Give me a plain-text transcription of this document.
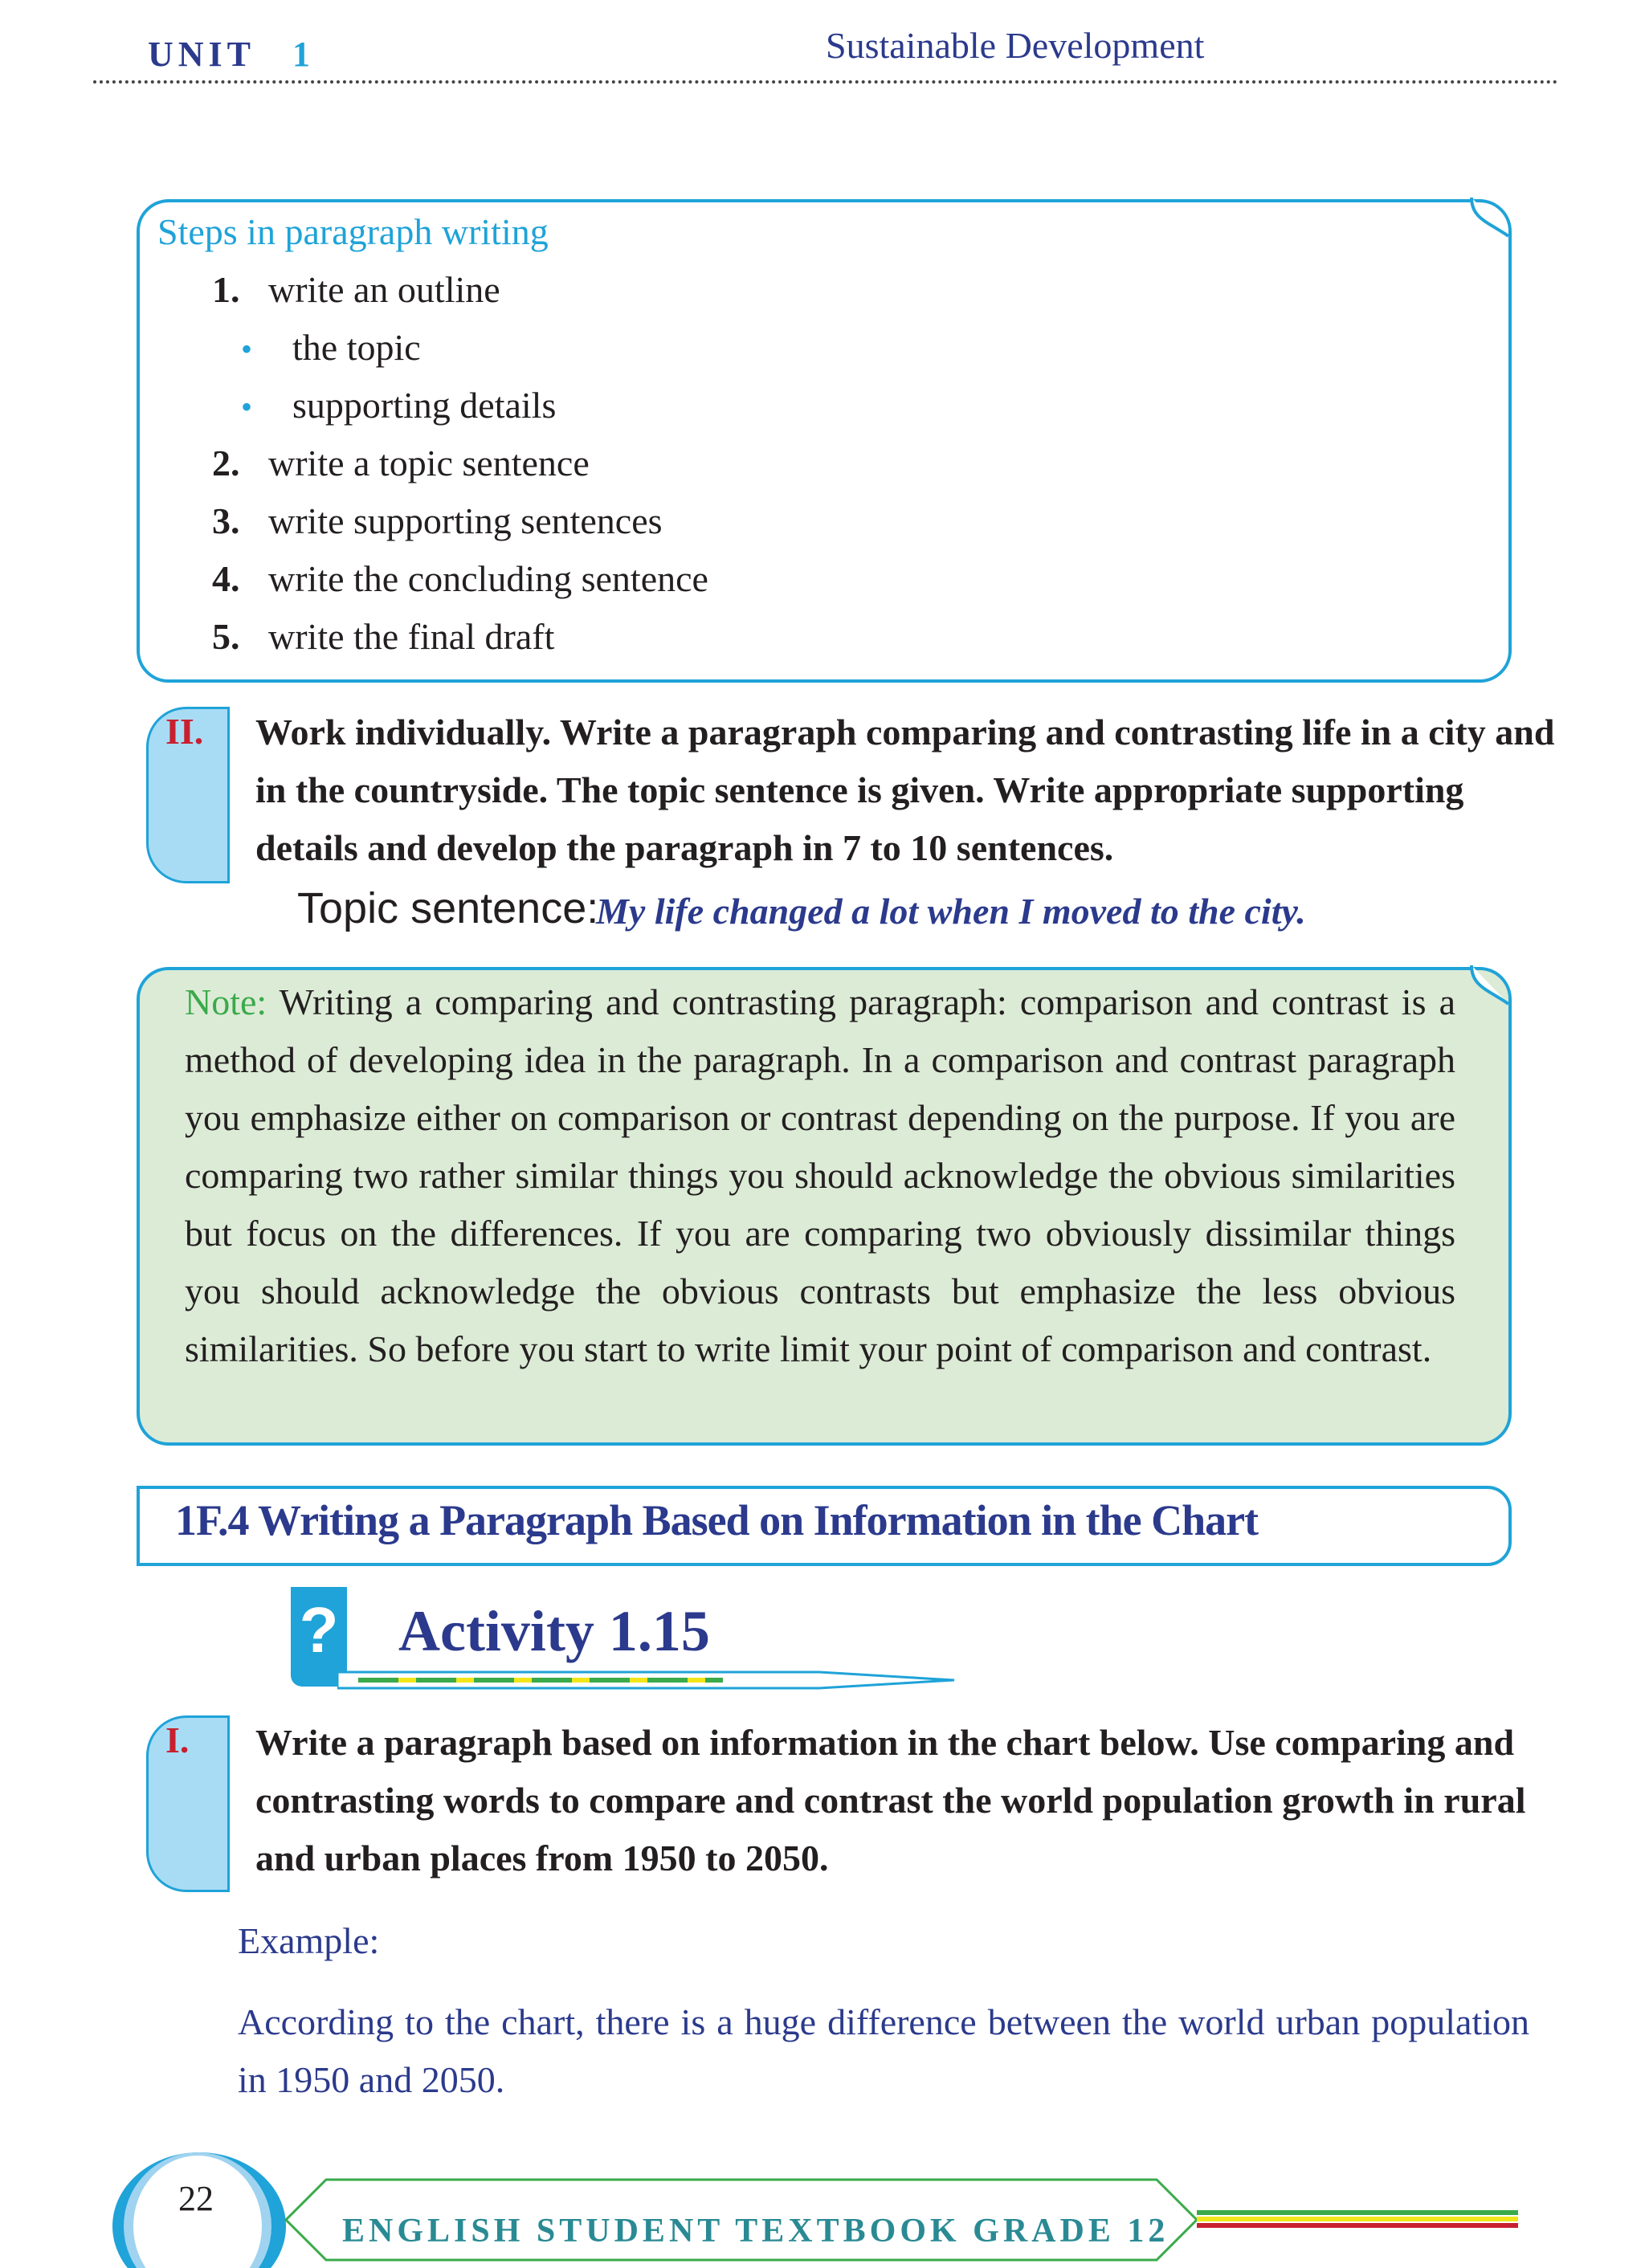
UNIT 1	Sustainable Development
Steps in paragraph writing
1. write an outline
• the topic
• supporting details
2. write a topic sentence
3. write supporting sentences
4. write the concluding sentence
5. write the final draft
II. Work individually. Write a paragraph comparing and contrasting life in a city and in the countryside. The topic sentence is given. Write appropriate supporting details and develop the paragraph in 7 to 10 sentences.
Topic sentence:
My life changed a lot when I moved to the city.
Note: Writing a comparing and contrasting paragraph: comparison and contrast is a method of developing idea in the paragraph. In a comparison and contrast paragraph you emphasize either on comparison or contrast depending on the purpose. If you are comparing two rather similar things you should acknowledge the obvious similarities but focus on the differences. If you are comparing two obviously dissimilar things you should acknowledge the obvious contrasts but emphasize the less obvious similarities. So before you start to write limit your point of comparison and contrast.
1F.4 Writing a Paragraph Based on Information in the Chart
? Activity 1.15
I. Write a paragraph based on information in the chart below. Use comparing and contrasting words to compare and contrast the world population growth in rural and urban places from 1950 to 2050.
Example:
According to the chart, there is a huge difference between the world urban population in 1950 and 2050.
22
ENGLISH STUDENT TEXTBOOK GRADE 12
